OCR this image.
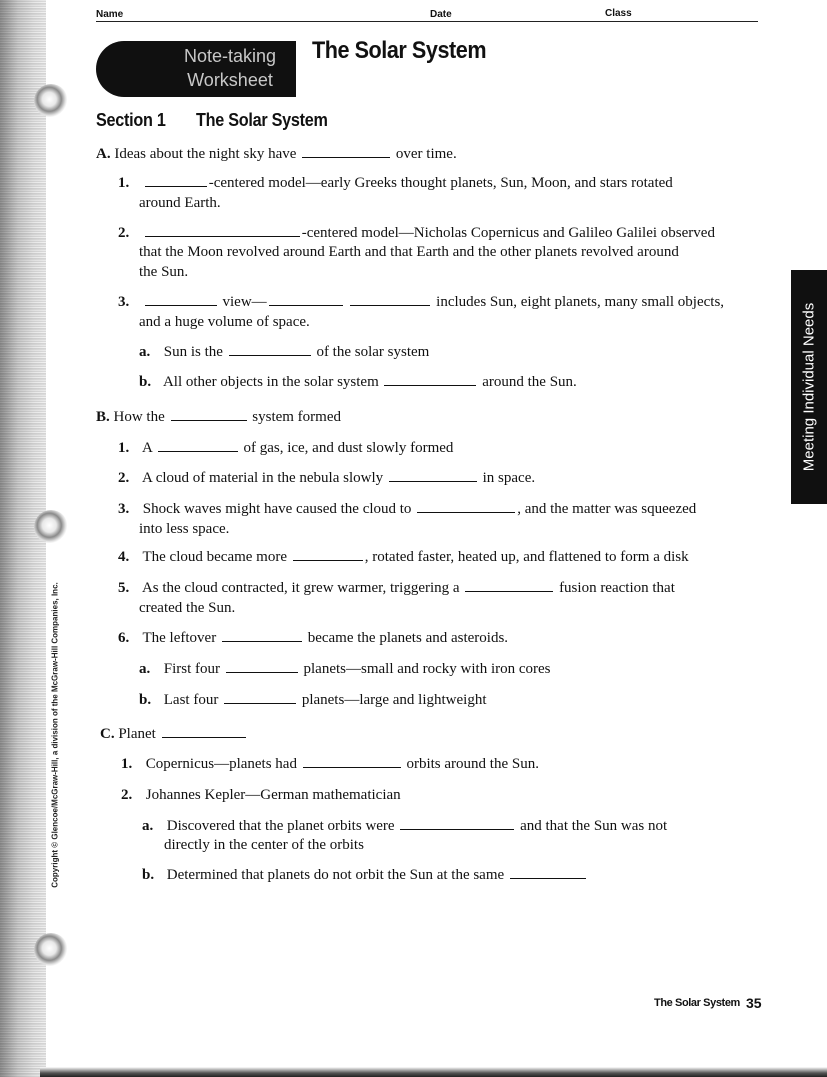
Name	Date	Class
Note-taking
Worksheet
The Solar System
Section 1 The Solar System
A. Ideas about the night sky have	over time.
1.	-centered model—early Greeks thought planets, Sun, Moon, and stars rotated
around Earth.
2.	-centered model—Nicholas Copernicus and Galileo Galilei observed
that the Moon revolved around Earth and that Earth and the other planets revolved around
the Sun.
3.	view—	includes Sun, eight planets, many small objects,
and a huge volume of space.
a. Sun is the	of the solar system
b. All other objects in the solar system	around the Sun.
B. How the	system formed
1. A	of gas, ice, and dust slowly formed
2. A cloud of material in the nebula slowly	in space.
3. Shock waves might have caused the cloud to	, and the matter was squeezed
into less space.
4. The cloud became more	, rotated faster, heated up, and flattened to form a disk
5. As the cloud contracted, it grew warmer, triggering a	fusion reaction that
created the Sun.
6. The leftover	became the planets and asteroids.
a. First four	planets—small and rocky with iron cores
b. Last four	planets—large and lightweight
C. Planet
1. Copernicus—planets had	orbits around the Sun.
2. Johannes Kepler—German mathematician
a. Discovered that the planet orbits were	and that the Sun was not
directly in the center of the orbits
b. Determined that planets do not orbit the Sun at the same
Meeting Individual Needs
Copyright © Glencoe/McGraw-Hill, a division of the McGraw-Hill Companies, Inc.
The Solar System 35
